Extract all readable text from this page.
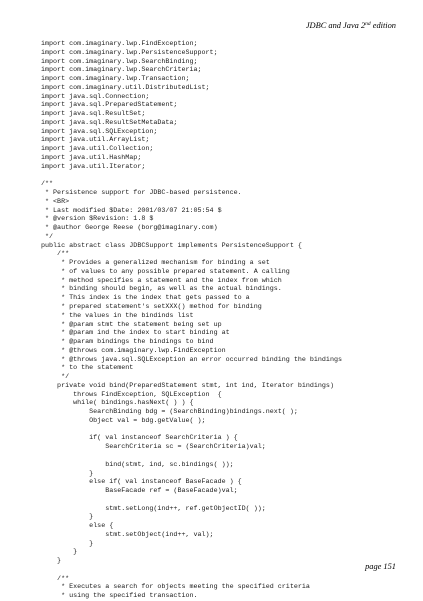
JDBC and Java 2nd edition
import com.imaginary.lwp.FindException;
import com.imaginary.lwp.PersistenceSupport;
import com.imaginary.lwp.SearchBinding;
import com.imaginary.lwp.SearchCriteria;
import com.imaginary.lwp.Transaction;
import com.imaginary.util.DistributedList;
import java.sql.Connection;
import java.sql.PreparedStatement;
import java.sql.ResultSet;
import java.sql.ResultSetMetaData;
import java.sql.SQLException;
import java.util.ArrayList;
import java.util.Collection;
import java.util.HashMap;
import java.util.Iterator;
/**
* Persistence support for JDBC-based persistence.
* <BR>
* Last modified $Date: 2001/03/07 21:05:54 $
* @version $Revision: 1.8 $
* @author George Reese (borg@imaginary.com)
*/
public abstract class JDBCSupport implements PersistenceSupport {
/**
* Provides a generalized mechanism for binding a set
* of values to any possible prepared statement. A calling
* method specifies a statement and the index from which
* binding should begin, as well as the actual bindings.
* This index is the index that gets passed to a
* prepared statement's setXXX() method for binding
* the values in the bindinds list
* @param stmt the statement being set up
* @param ind the index to start binding at
* @param bindings the bindings to bind
* @throws com.imaginary.lwp.FindException
* @throws java.sql.SQLException an error occurred binding the bindings
* to the statement
*/
private void bind(PreparedStatement stmt, int ind, Iterator bindings)
throws FindException, SQLException  {
while( bindings.hasNext( ) ) {
SearchBinding bdg = (SearchBinding)bindings.next( );
Object val = bdg.getValue( );
if( val instanceof SearchCriteria ) {
SearchCriteria sc = (SearchCriteria)val;
bind(stmt, ind, sc.bindings( ));
}
else if( val instanceof BaseFacade ) {
BaseFacade ref = (BaseFacade)val;
stmt.setLong(ind++, ref.getObjectID( ));
}
else {
stmt.setObject(ind++, val);
}
}
}
/**
* Executes a search for objects meeting the specified criteria
* using the specified transaction.
page 151
